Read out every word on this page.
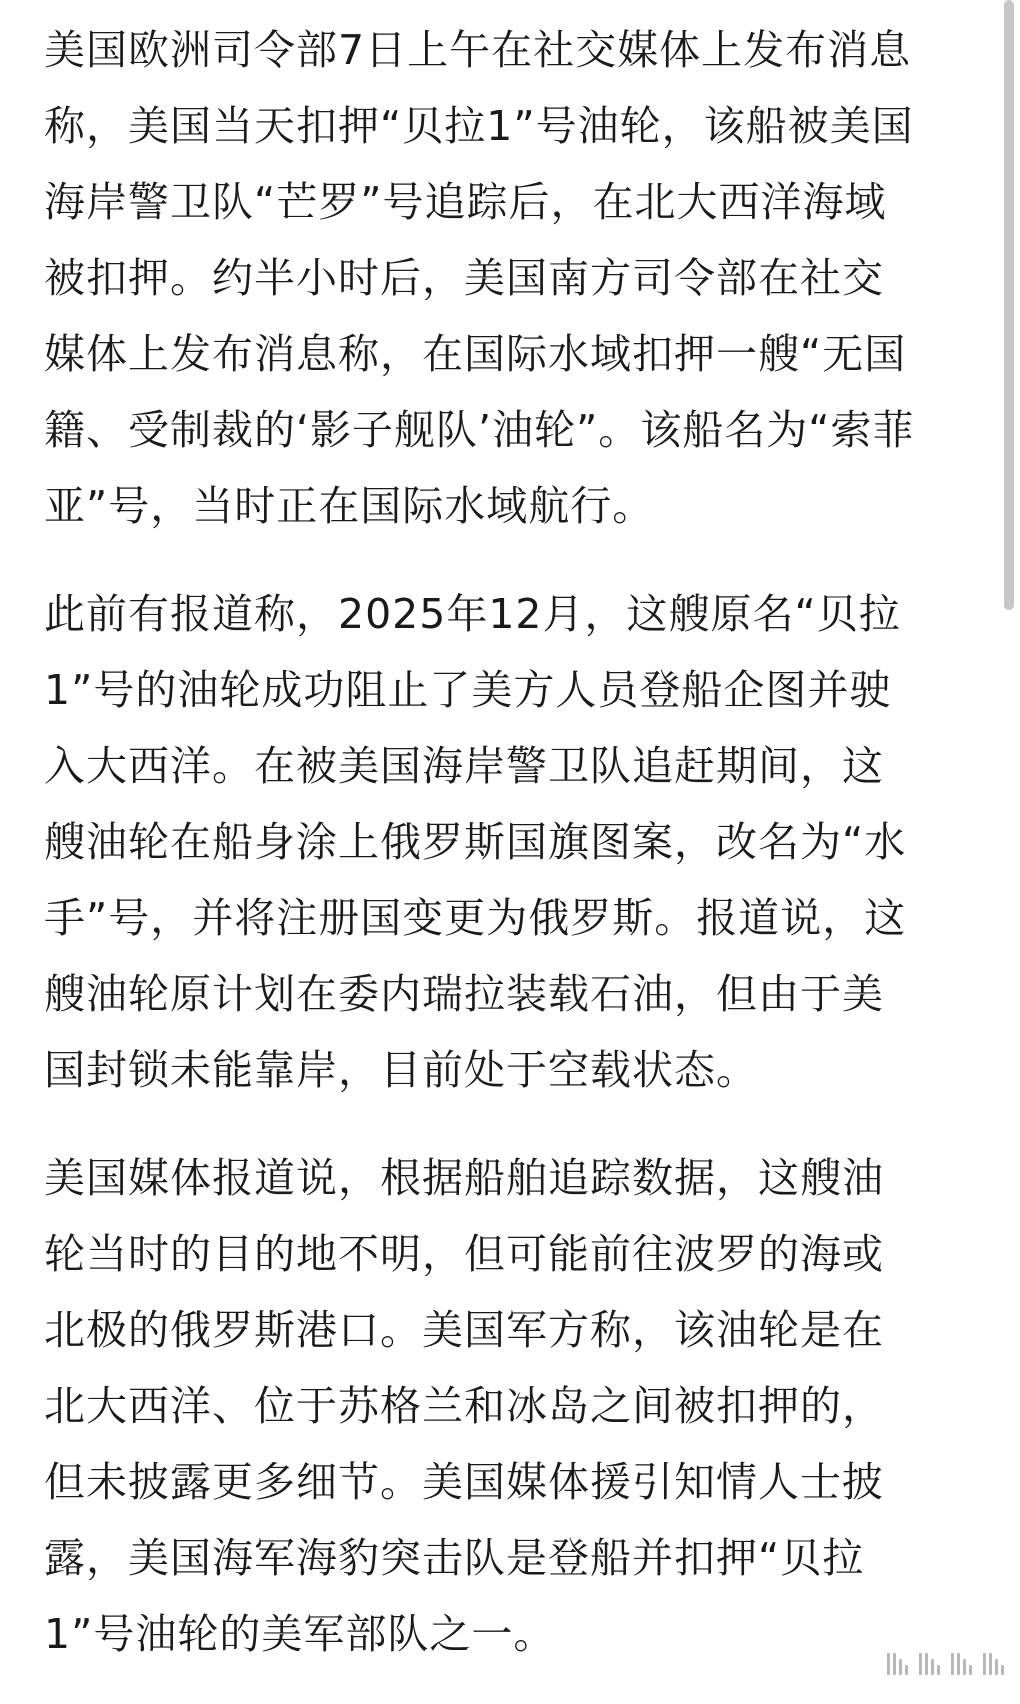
美国欧洲司令部7日上午在社交媒体上发布消息
称，美国当天扣押“贝拉1”号油轮，该船被美国
海岸警卫队“芒罗”号追踪后，在北大西洋海域
被扣押。约半小时后，美国南方司令部在社交
媒体上发布消息称，在国际水域扣押一艘“无国
籍、受制裁的‘影子舰队’油轮”。该船名为“索菲
亚”号，当时正在国际水域航行。

此前有报道称，2025年12月，这艘原名“贝拉
1”号的油轮成功阻止了美方人员登船企图并驶
入大西洋。在被美国海岸警卫队追赶期间，这
艘油轮在船身涂上俄罗斯国旗图案，改名为“水
手”号，并将注册国变更为俄罗斯。报道说，这
艘油轮原计划在委内瑞拉装载石油，但由于美
国封锁未能靠岸，目前处于空载状态。

美国媒体报道说，根据船舶追踪数据，这艘油
轮当时的目的地不明，但可能前往波罗的海或
北极的俄罗斯港口。美国军方称，该油轮是在
北大西洋、位于苏格兰和冰岛之间被扣押的，
但未披露更多细节。美国媒体援引知情人士披
露，美国海军海豹突击队是登船并扣押“贝拉
1”号油轮的美军部队之一。
